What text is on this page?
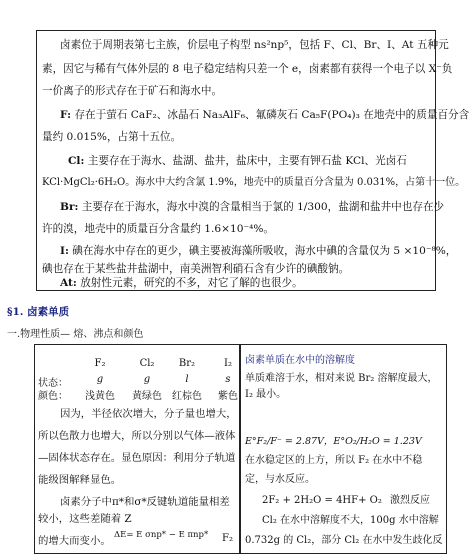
卤素位于周期表第七主族，价层电子构型 ns²np⁵，包括 F、Cl、Br、I、At 五种元
素，因它与稀有气体外层的 8 电子稳定结构只差一个 e，卤素都有获得一个电子以 X⁻负
一价离子的形式存在于矿石和海水中。
F: 存在于萤石 CaF₂、冰晶石 Na₃AlF₆、氟磷灰石 Ca₅F(PO₄)₃ 在地壳中的质量百分含
量约 0.015%，占第十五位。
Cl: 主要存在于海水、盐湖、盐井，盐床中，主要有钾石盐 KCl、光卤石
KCl·MgCl₂·6H₂O。海水中大约含氯 1.9%，地壳中的质量百分含量为 0.031%，占第十一位。
Br: 主要存在于海水，海水中溴的含量相当于氯的 1/300，盐湖和盐井中也存在少
许的溴，地壳中的质量百分含量约 1.6×10⁻⁴%。
I: 碘在海水中存在的更少，碘主要被海藻所吸收，海水中碘的含量仅为 5 ×10⁻⁸%，
碘也存在于某些盐井盐湖中，南美洲智利硝石含有少许的碘酸钠。
At: 放射性元素，研究的不多，对它了解的也很少。
§1. 卤素单质
一.物理性质— 熔、沸点和颜色
F₂	Cl₂	Br₂	I₂
状态：	g	g	l	s
颜色：	浅黄色	黄绿色	红棕色	紫色
因为，半径依次增大，分子量也增大，
所以色散力也增大，所以分别以气体—液体
—固体状态存在。显色原因：利用分子轨道
能级图解释显色。
卤素分子中π*和σ*反键轨道能量相差
较小，这些差随着 Z
的增大而变小。 ΔE= E σnp* − E πnp* F₂
卤素单质在水中的溶解度
单质难溶于水，相对来说 Br₂ 溶解度最大，
I₂ 最小。
E°F₂/F⁻ = 2.87V，E°O₂/H₂O = 1.23V
在水稳定区的上方，所以 F₂ 在水中不稳
定，与水反应。
2F₂ + 2H₂O = 4HF+ O₂ 激烈反应
Cl₂ 在水中溶解度不大，100g 水中溶解
0.732g 的 Cl₂，部分 Cl₂ 在水中发生歧化反
